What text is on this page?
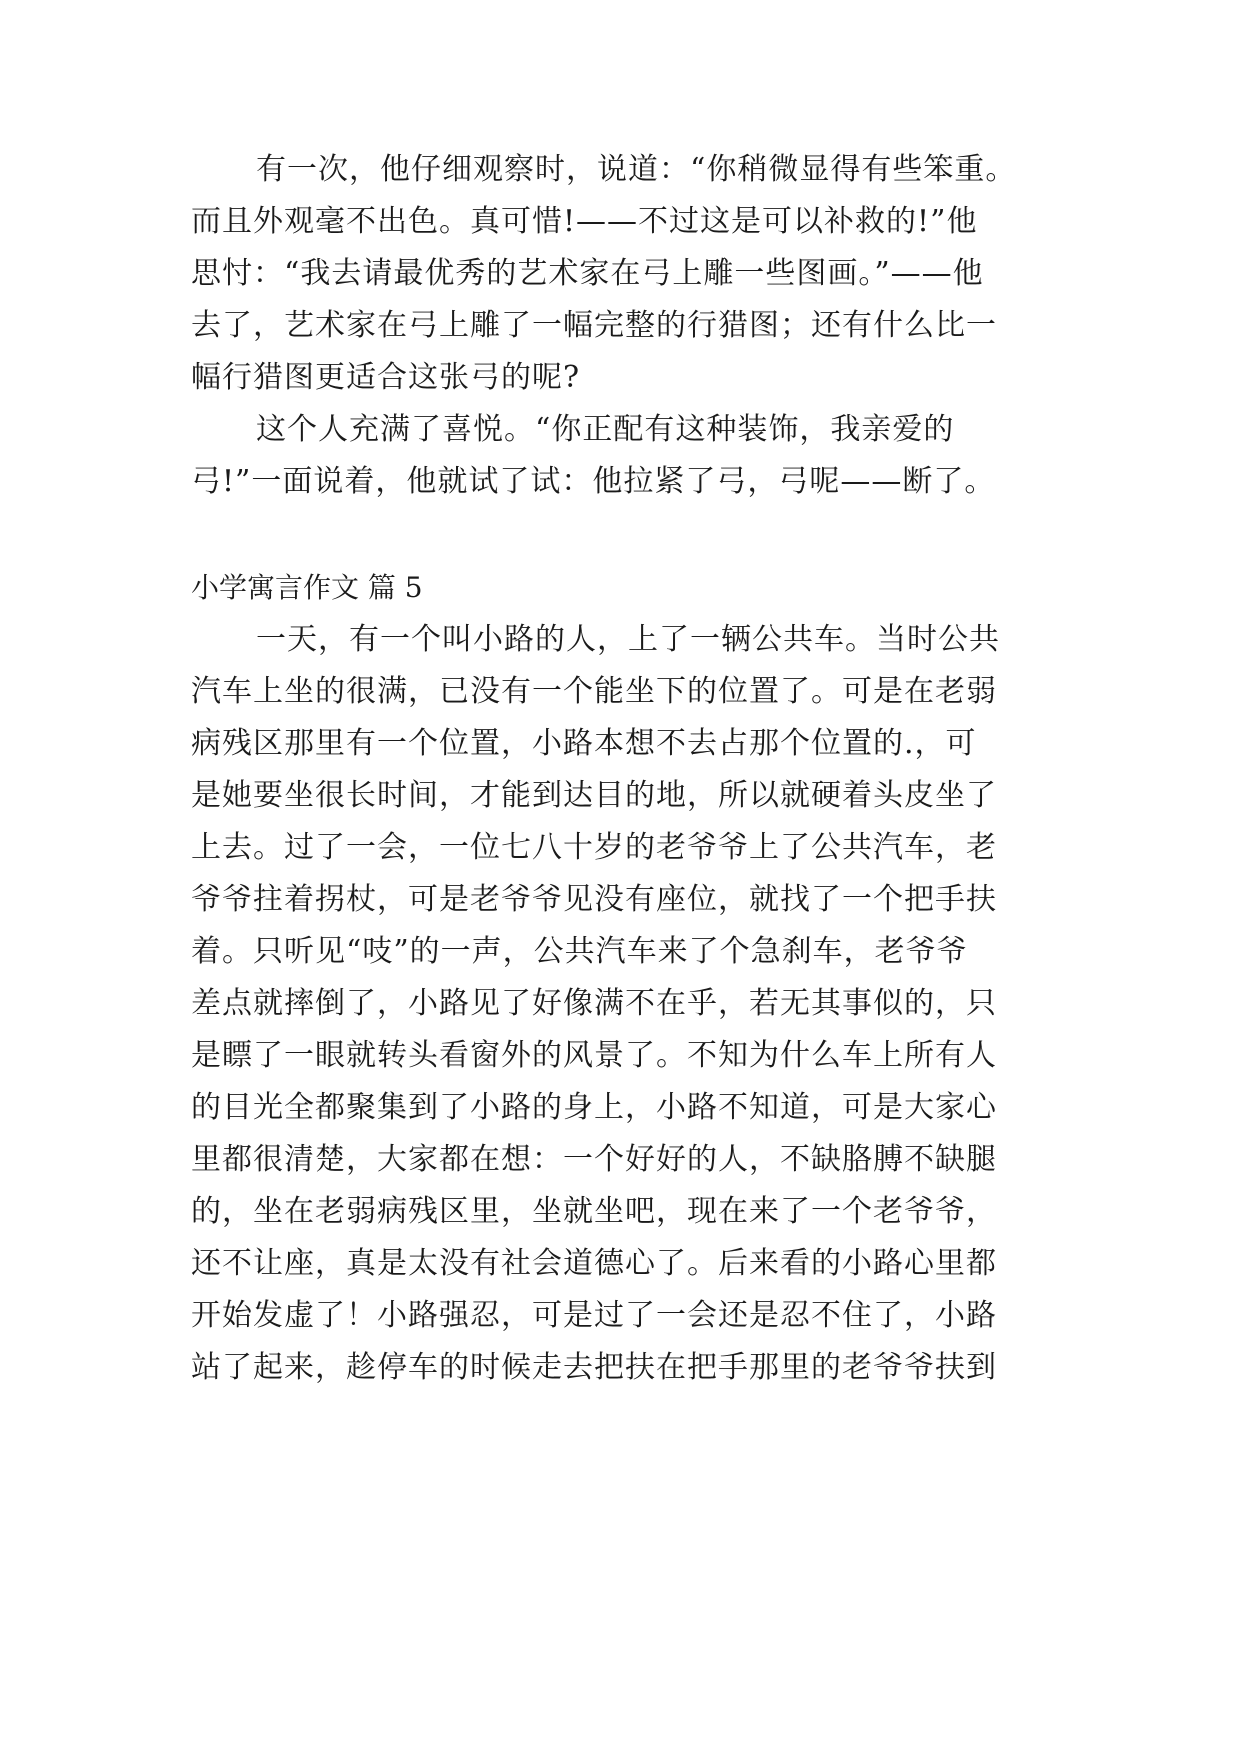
有一次，他仔细观察时，说道：“你稍微显得有些笨重。
而且外观毫不出色。真可惜!——不过这是可以补救的!”他
思忖：“我去请最优秀的艺术家在弓上雕一些图画。”——他
去了，艺术家在弓上雕了一幅完整的行猎图；还有什么比一
幅行猎图更适合这张弓的呢?
这个人充满了喜悦。“你正配有这种装饰，我亲爱的
弓!”一面说着，他就试了试：他拉紧了弓，弓呢——断了。
小学寓言作文 篇 5
一天，有一个叫小路的人，上了一辆公共车。当时公共
汽车上坐的很满，已没有一个能坐下的位置了。可是在老弱
病残区那里有一个位置，小路本想不去占那个位置的.，可
是她要坐很长时间，才能到达目的地，所以就硬着头皮坐了
上去。过了一会，一位七八十岁的老爷爷上了公共汽车，老
爷爷拄着拐杖，可是老爷爷见没有座位，就找了一个把手扶
着。只听见“吱”的一声，公共汽车来了个急刹车，老爷爷
差点就摔倒了，小路见了好像满不在乎，若无其事似的，只
是瞟了一眼就转头看窗外的风景了。不知为什么车上所有人
的目光全都聚集到了小路的身上，小路不知道，可是大家心
里都很清楚，大家都在想：一个好好的人，不缺胳膊不缺腿
的，坐在老弱病残区里，坐就坐吧，现在来了一个老爷爷，
还不让座，真是太没有社会道德心了。后来看的小路心里都
开始发虚了！小路强忍，可是过了一会还是忍不住了，小路
站了起来，趁停车的时候走去把扶在把手那里的老爷爷扶到
